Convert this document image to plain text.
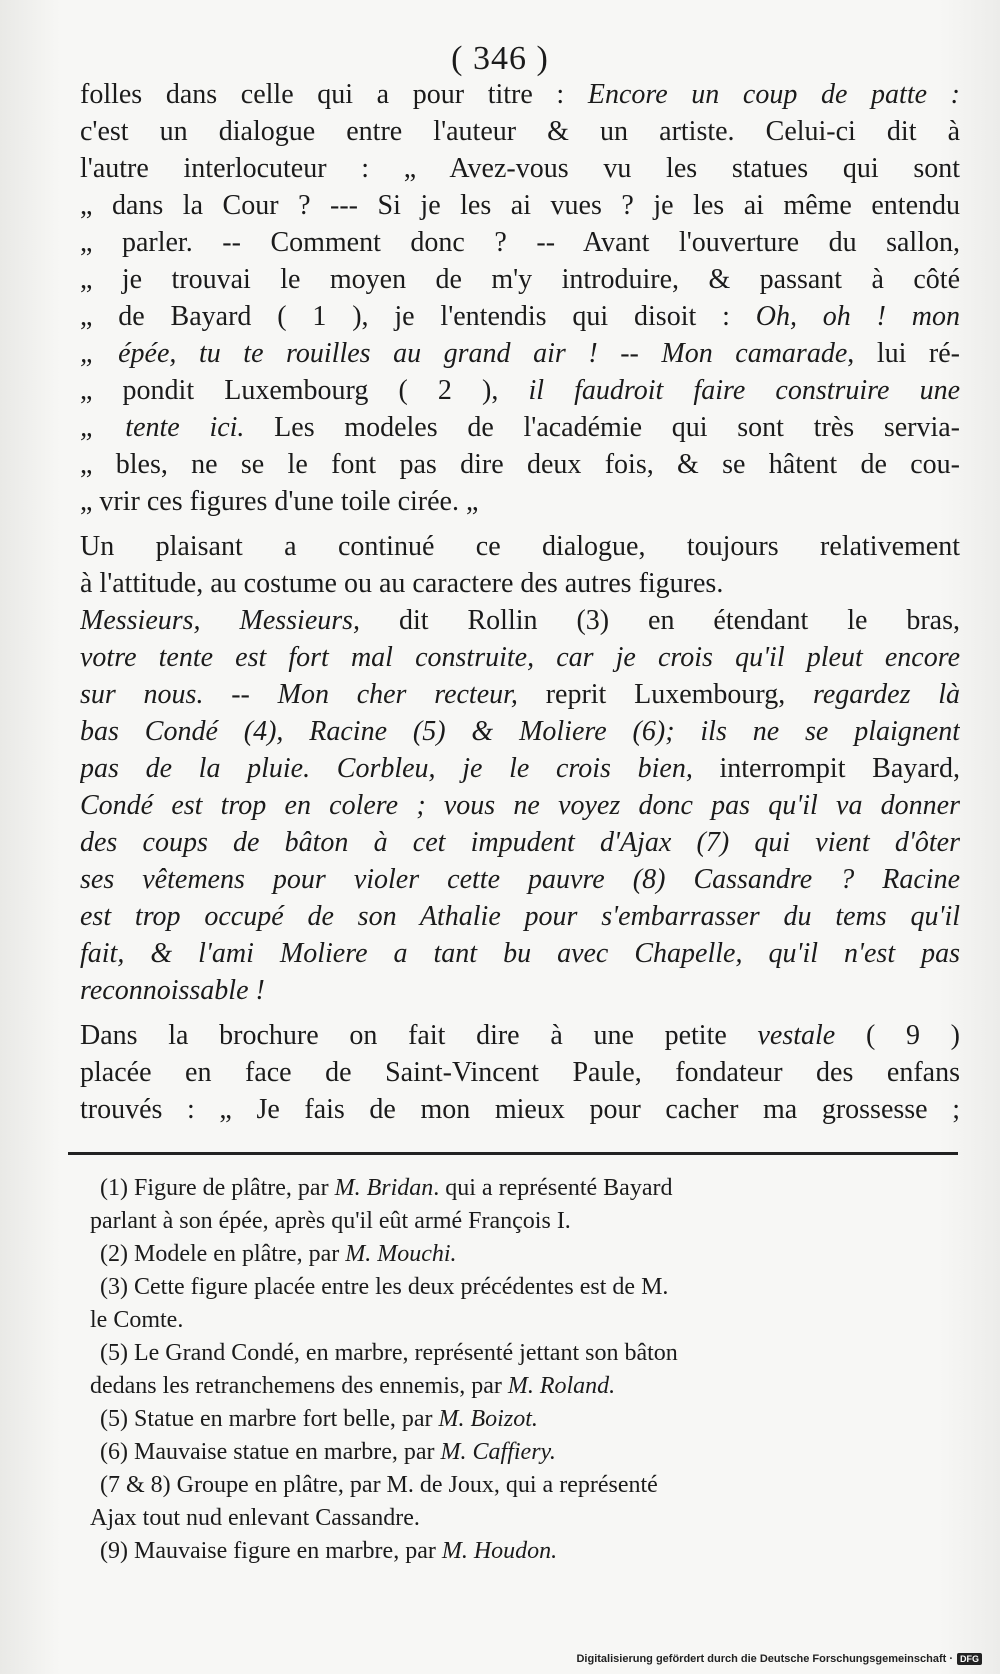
( 346 )
folles dans celle qui a pour titre : Encore un coup de patte :
c'est un dialogue entre l'auteur & un artiste. Celui-ci dit à
l'autre interlocuteur : „ Avez-vous vu les statues qui sont
„ dans la Cour ? --- Si je les ai vues ? je les ai même entendu
„ parler. -- Comment donc ? -- Avant l'ouverture du sallon,
„ je trouvai le moyen de m'y introduire, & passant à côté
„ de Bayard ( 1 ), je l'entendis qui disoit : Oh, oh ! mon
„ épée, tu te rouilles au grand air ! -- Mon camarade, lui ré-
„ pondit Luxembourg ( 2 ), il faudroit faire construire une
„ tente ici. Les modeles de l'académie qui sont très servia-
„ bles, ne se le font pas dire deux fois, & se hâtent de cou-
„ vrir ces figures d'une toile cirée. „
Un plaisant a continué ce dialogue, toujours relativement
à l'attitude, au costume ou au caractere des autres figures.
Messieurs, Messieurs, dit Rollin (3) en étendant le bras,
votre tente est fort mal construite, car je crois qu'il pleut encore
sur nous. -- Mon cher recteur, reprit Luxembourg, regardez là
bas Condé (4), Racine (5) & Moliere (6); ils ne se plaignent
pas de la pluie. Corbleu, je le crois bien, interrompit Bayard,
Condé est trop en colere ; vous ne voyez donc pas qu'il va donner
des coups de bâton à cet impudent d'Ajax (7) qui vient d'ôter
ses vêtemens pour violer cette pauvre (8) Cassandre ? Racine
est trop occupé de son Athalie pour s'embarrasser du tems qu'il
fait, & l'ami Moliere a tant bu avec Chapelle, qu'il n'est pas
reconnoissable !
Dans la brochure on fait dire à une petite vestale ( 9 )
placée en face de Saint-Vincent Paule, fondateur des enfans
trouvés : „ Je fais de mon mieux pour cacher ma grossesse ;
(1) Figure de plâtre, par M. Bridan. qui a représenté Bayard
parlant à son épée, après qu'il eût armé François I.
(2) Modele en plâtre, par M. Mouchi.
(3) Cette figure placée entre les deux précédentes est de M.
le Comte.
(5) Le Grand Condé, en marbre, représenté jettant son bâton
dedans les retranchemens des ennemis, par M. Roland.
(5) Statue en marbre fort belle, par M. Boizot.
(6) Mauvaise statue en marbre, par M. Caffiery.
(7 & 8) Groupe en plâtre, par M. de Joux, qui a représenté
Ajax tout nud enlevant Cassandre.
(9) Mauvaise figure en marbre, par M. Houdon.
Digitalisierung gefördert durch die Deutsche Forschungsgemeinschaft · DFG
